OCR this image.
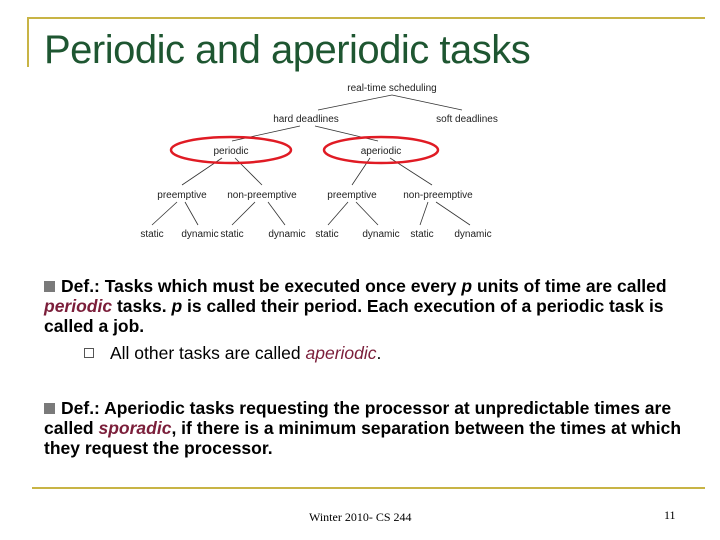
Periodic and aperiodic tasks
real-time scheduling
hard deadlines	soft deadlines
periodic	aperiodic
preemptive non-preemptive	preemptive	non-preemptive
static dynamic static dynamic static dynamic static dynamic
Def.: Tasks which must be executed once every p units of time are called periodic tasks. p is called their period. Each execution of a periodic task is called a job.
All other tasks are called aperiodic.
Def.: Aperiodic tasks requesting the processor at unpredictable times are called sporadic, if there is a minimum separation between the times at which they request the processor.
Winter 2010- CS 244	11
